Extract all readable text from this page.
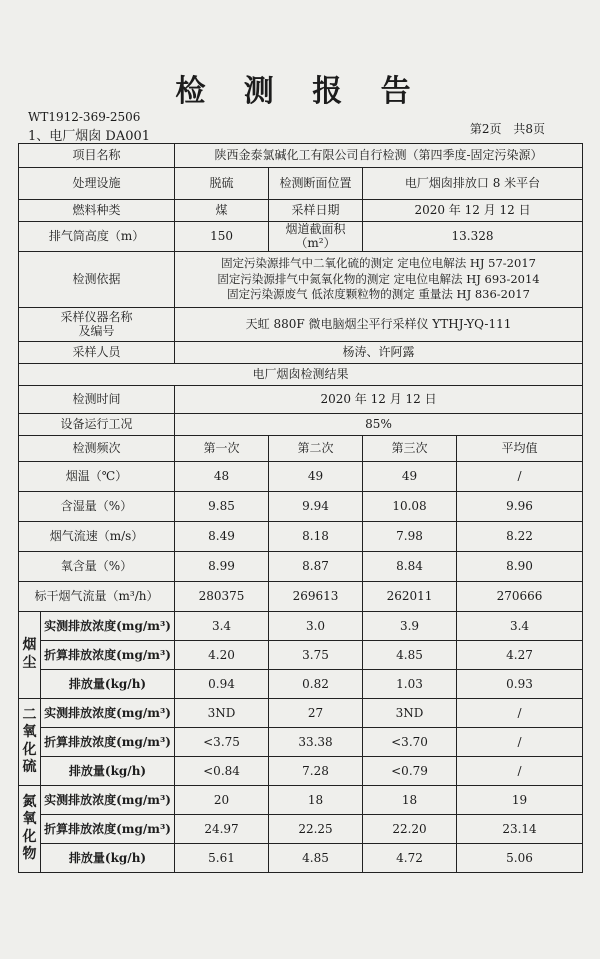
检 测 报 告
WT1912-369-2506
1、电厂烟囱 DA001	第2页 共8页
项目名称		陕西金泰氯碱化工有限公司自行检测（第四季度-固定污染源）			
处理设施		脱硫	检测断面位置	电厂烟囱排放口 8 米平台	
燃料种类		煤	采样日期	2020 年 12 月 12 日	
排气筒高度（m）		150	烟道截面积（m²）	13.328	
检测依据		固定污染源排气中二氧化硫的测定 定电位电解法 HJ 57-2017
固定污染源排气中氮氧化物的测定 定电位电解法 HJ 693-2014
固定污染源废气 低浓度颗粒物的测定 重量法 HJ 836-2017			

采样仪器名称
及编号		天虹 880F 微电脑烟尘平行采样仪 YTHJ-YQ-111			
采样人员		杨涛、许阿露			
电厂烟囱检测结果					
检测时间		2020 年 12 月 12 日			
设备运行工况		85%			
检测频次		第一次	第二次	第三次	平均值
烟温（℃）		48	49	49	/
含湿量（%）		9.85	9.94	10.08	9.96
烟气流速（m/s）		8.49	8.18	7.98	8.22
氧含量（%）		8.99	8.87	8.84	8.90
标干烟气流量（m³/h）		280375	269613	262011	270666

烟
尘	实测排放浓度(mg/m³)	3.4	3.0	3.9	3.4
	折算排放浓度(mg/m³)	4.20	3.75	4.85	4.27
	排放量(kg/h)	0.94	0.82	1.03	0.93

二
氧
化
硫	实测排放浓度(mg/m³)	3ND	27	3ND	/
	折算排放浓度(mg/m³)	<3.75	33.38	<3.70	/
	排放量(kg/h)	<0.84	7.28	<0.79	/

氮
氧
化
物	实测排放浓度(mg/m³)	20	18	18	19
	折算排放浓度(mg/m³)	24.97	22.25	22.20	23.14
	排放量(kg/h)	5.61	4.85	4.72	5.06
